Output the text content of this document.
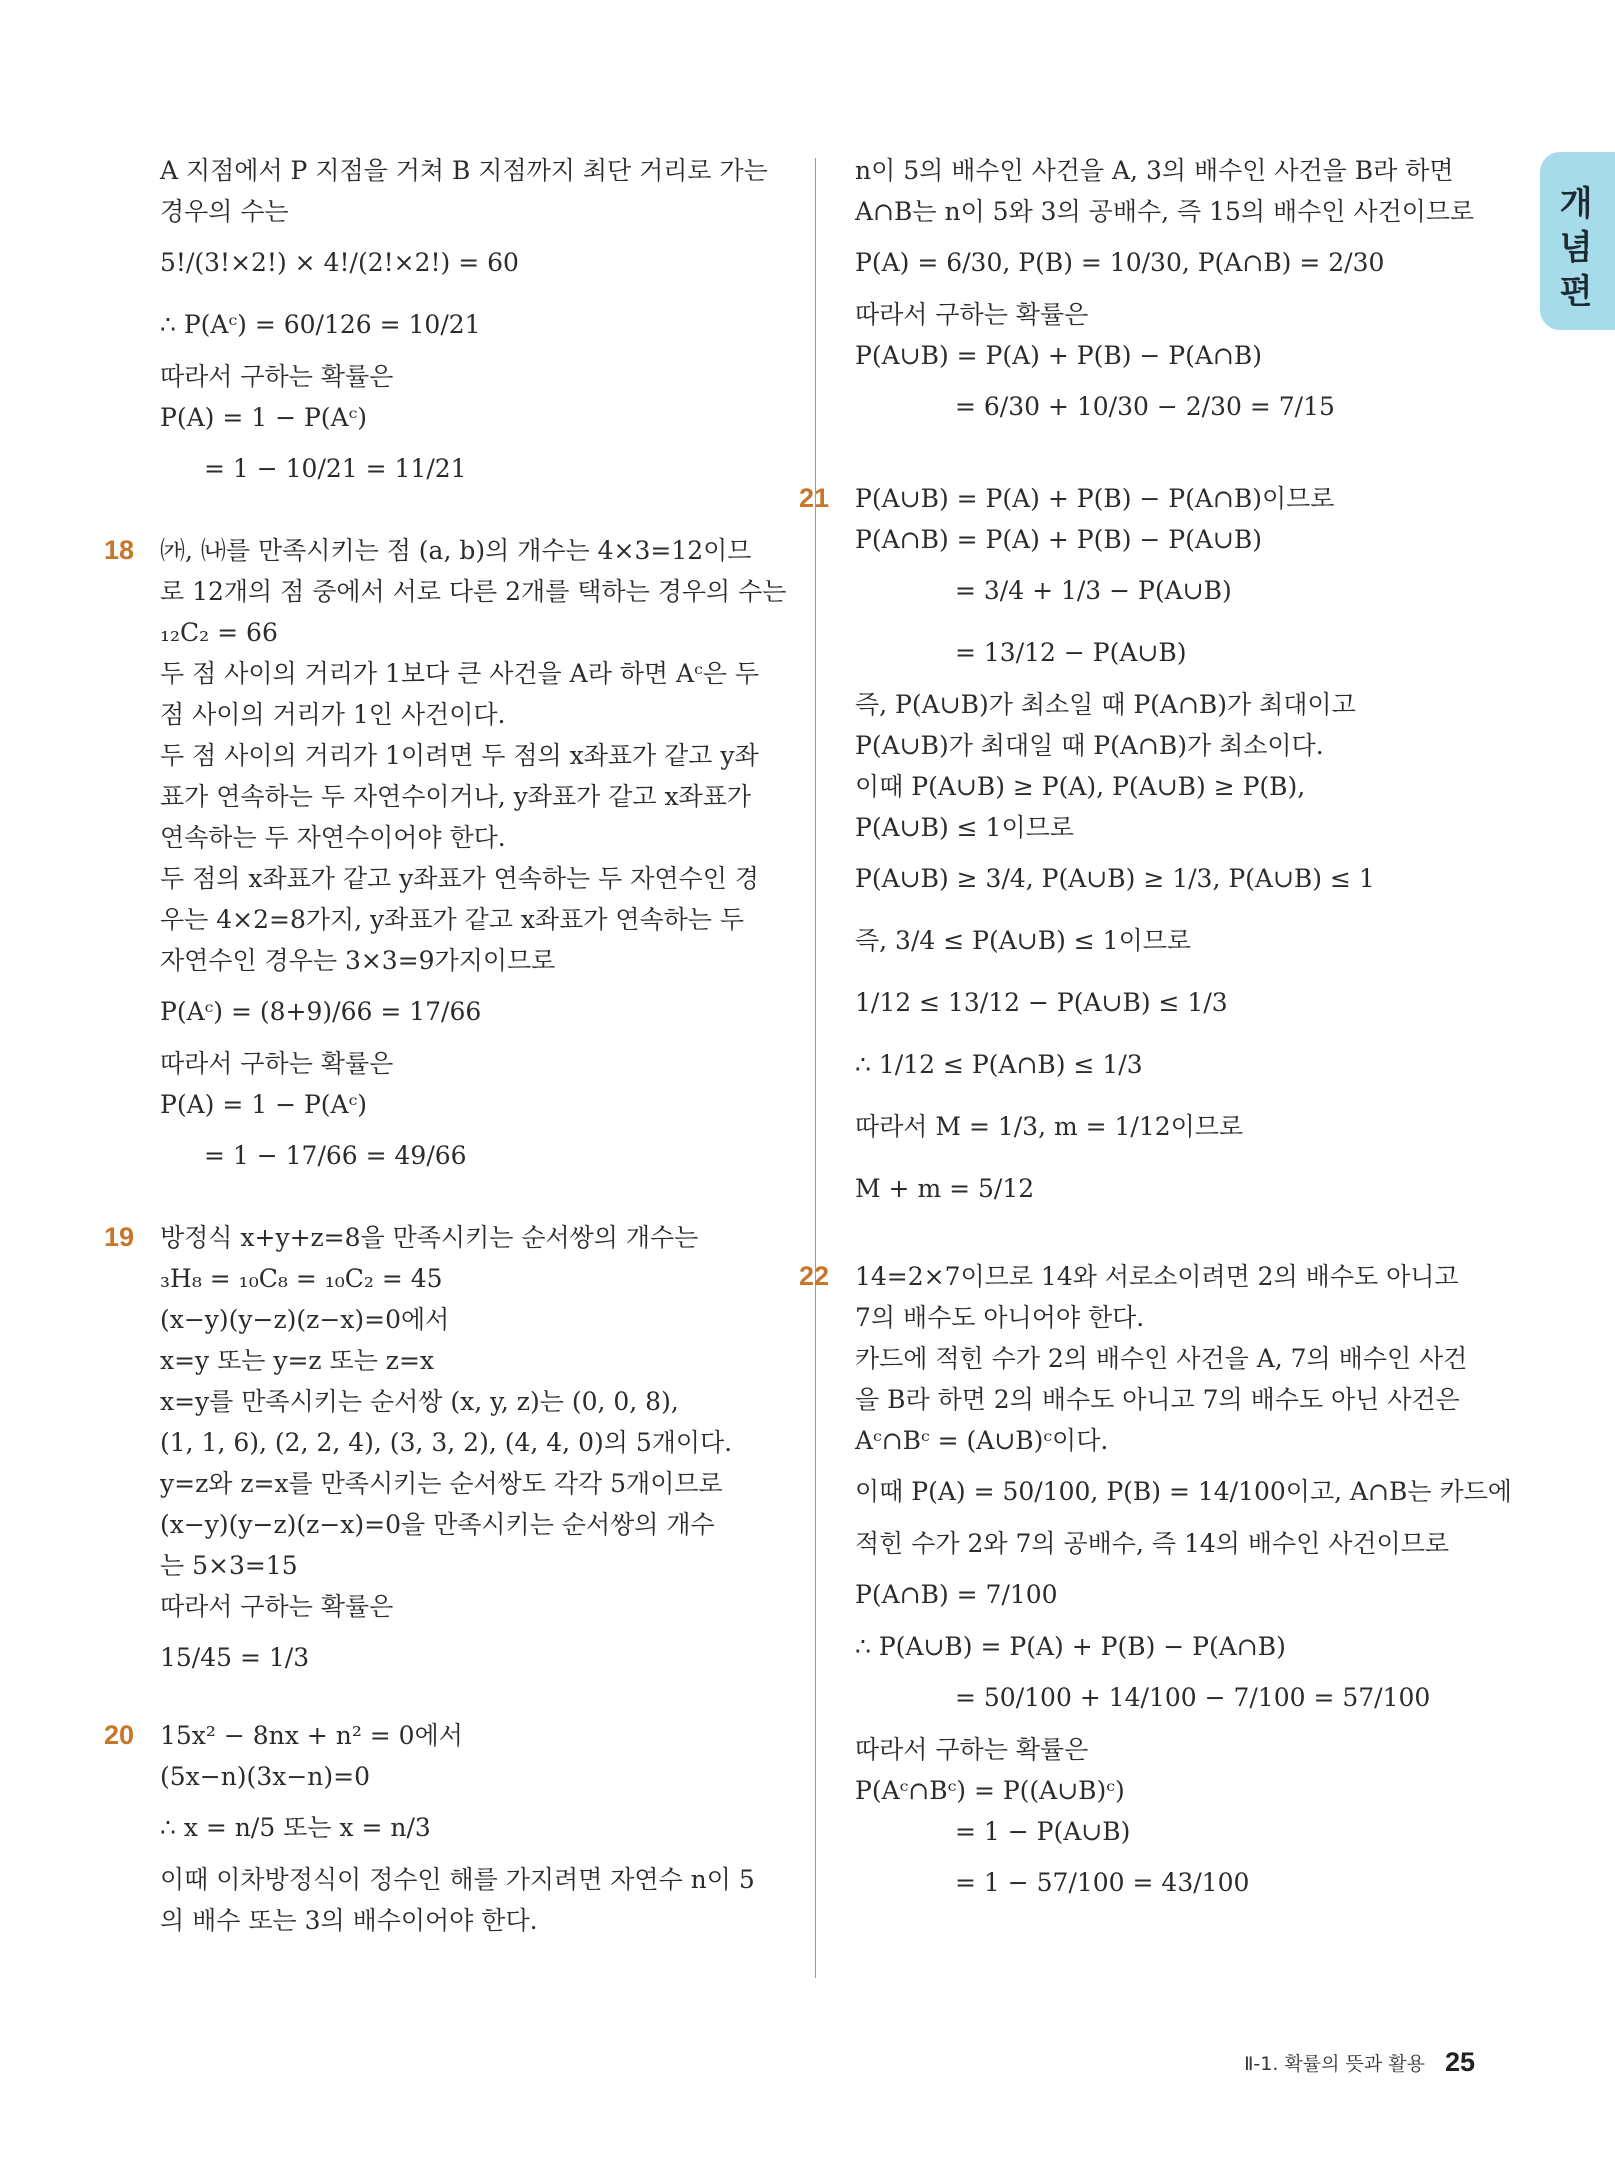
개념편
A 지점에서 P 지점을 거쳐 B 지점까지 최단 거리로 가는
경우의 수는
5!/(3!×2!) × 4!/(2!×2!) = 60
∴ P(Aᶜ) = 60/126 = 10/21
따라서 구하는 확률은
P(A) = 1 − P(Aᶜ)
= 1 − 10/21 = 11/21
18	㈎, ㈏를 만족시키는 점 (a, b)의 개수는 4×3=12이므
로 12개의 점 중에서 서로 다른 2개를 택하는 경우의 수는
₁₂C₂ = 66
두 점 사이의 거리가 1보다 큰 사건을 A라 하면 Aᶜ은 두
점 사이의 거리가 1인 사건이다.
두 점 사이의 거리가 1이려면 두 점의 x좌표가 같고 y좌
표가 연속하는 두 자연수이거나, y좌표가 같고 x좌표가
연속하는 두 자연수이어야 한다.
두 점의 x좌표가 같고 y좌표가 연속하는 두 자연수인 경
우는 4×2=8가지, y좌표가 같고 x좌표가 연속하는 두
자연수인 경우는 3×3=9가지이므로
P(Aᶜ) = (8+9)/66 = 17/66
따라서 구하는 확률은
P(A) = 1 − P(Aᶜ)
= 1 − 17/66 = 49/66
19	방정식 x+y+z=8을 만족시키는 순서쌍의 개수는
₃H₈ = ₁₀C₈ = ₁₀C₂ = 45
(x−y)(y−z)(z−x)=0에서
x=y 또는 y=z 또는 z=x
x=y를 만족시키는 순서쌍 (x, y, z)는 (0, 0, 8),
(1, 1, 6), (2, 2, 4), (3, 3, 2), (4, 4, 0)의 5개이다.
y=z와 z=x를 만족시키는 순서쌍도 각각 5개이므로
(x−y)(y−z)(z−x)=0을 만족시키는 순서쌍의 개수
는 5×3=15
따라서 구하는 확률은
15/45 = 1/3
20	15x² − 8nx + n² = 0에서
(5x−n)(3x−n)=0
∴ x = n/5 또는 x = n/3
이때 이차방정식이 정수인 해를 가지려면 자연수 n이 5
의 배수 또는 3의 배수이어야 한다.
n이 5의 배수인 사건을 A, 3의 배수인 사건을 B라 하면
A∩B는 n이 5와 3의 공배수, 즉 15의 배수인 사건이므로
P(A) = 6/30, P(B) = 10/30, P(A∩B) = 2/30
따라서 구하는 확률은
P(A∪B) = P(A) + P(B) − P(A∩B)
= 6/30 + 10/30 − 2/30 = 7/15
21	P(A∪B) = P(A) + P(B) − P(A∩B)이므로
P(A∩B) = P(A) + P(B) − P(A∪B)
= 3/4 + 1/3 − P(A∪B)
= 13/12 − P(A∪B)
즉, P(A∪B)가 최소일 때 P(A∩B)가 최대이고
P(A∪B)가 최대일 때 P(A∩B)가 최소이다.
이때 P(A∪B) ≥ P(A), P(A∪B) ≥ P(B),
P(A∪B) ≤ 1이므로
P(A∪B) ≥ 3/4, P(A∪B) ≥ 1/3, P(A∪B) ≤ 1
즉, 3/4 ≤ P(A∪B) ≤ 1이므로
1/12 ≤ 13/12 − P(A∪B) ≤ 1/3
∴ 1/12 ≤ P(A∩B) ≤ 1/3
따라서 M = 1/3, m = 1/12이므로
M + m = 5/12
22	14=2×7이므로 14와 서로소이려면 2의 배수도 아니고
7의 배수도 아니어야 한다.
카드에 적힌 수가 2의 배수인 사건을 A, 7의 배수인 사건
을 B라 하면 2의 배수도 아니고 7의 배수도 아닌 사건은
Aᶜ∩Bᶜ = (A∪B)ᶜ이다.
이때 P(A) = 50/100, P(B) = 14/100이고, A∩B는 카드에
적힌 수가 2와 7의 공배수, 즉 14의 배수인 사건이므로
P(A∩B) = 7/100
∴ P(A∪B) = P(A) + P(B) − P(A∩B)
= 50/100 + 14/100 − 7/100 = 57/100
따라서 구하는 확률은
P(Aᶜ∩Bᶜ) = P((A∪B)ᶜ)
= 1 − P(A∪B)
= 1 − 57/100 = 43/100
Ⅱ-1. 확률의 뜻과 활용 25
